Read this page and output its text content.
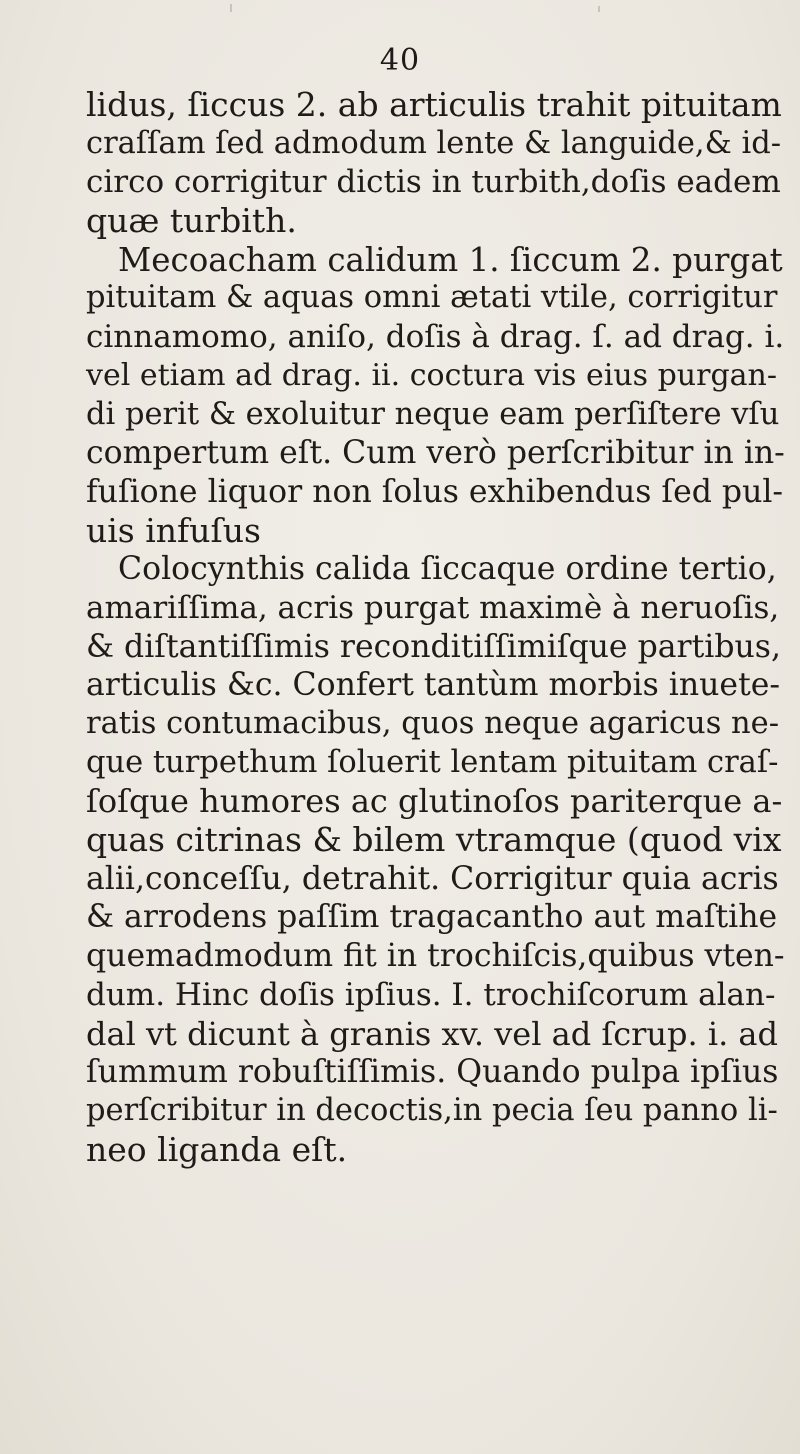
40
lidus, ſiccus 2. ab articulis trahit pituitam
craſſam ſed admodum lente & languide,& id-
circo corrigitur dictis in turbith,doſis eadem
quæ turbith.
Mecoacham calidum 1. ſiccum 2. purgat
pituitam & aquas omni ætati vtile, corrigitur
cinnamomo, aniſo, doſis à drag. ſ. ad drag. i.
vel etiam ad drag. ii. coctura vis eius purgan-
di perit & exoluitur neque eam perſiſtere vſu
compertum eſt. Cum verò perſcribitur in in-
fuſione liquor non ſolus exhibendus ſed pul-
uis infuſus
Colocynthis calida ſiccaque ordine tertio,
amariſſima, acris purgat maximè à neruoſis,
& diſtantiſſimis reconditiſſimiſque partibus,
articulis &c. Confert tantùm morbis inuete-
ratis contumacibus, quos neque agaricus ne-
que turpethum ſoluerit lentam pituitam craſ-
ſoſque humores ac glutinoſos pariterque a-
quas citrinas & bilem vtramque (quod vix
alii,conceſſu, detrahit. Corrigitur quia acris
& arrodens paſſim tragacantho aut maſtihe
quemadmodum fit in trochiſcis,quibus vten-
dum. Hinc doſis ipſius. I. trochiſcorum alan-
dal vt dicunt à granis xv. vel ad ſcrup. i. ad
ſummum robuſtiſſimis. Quando pulpa ipſius
perſcribitur in decoctis,in pecia ſeu panno li-
neo liganda eſt.
